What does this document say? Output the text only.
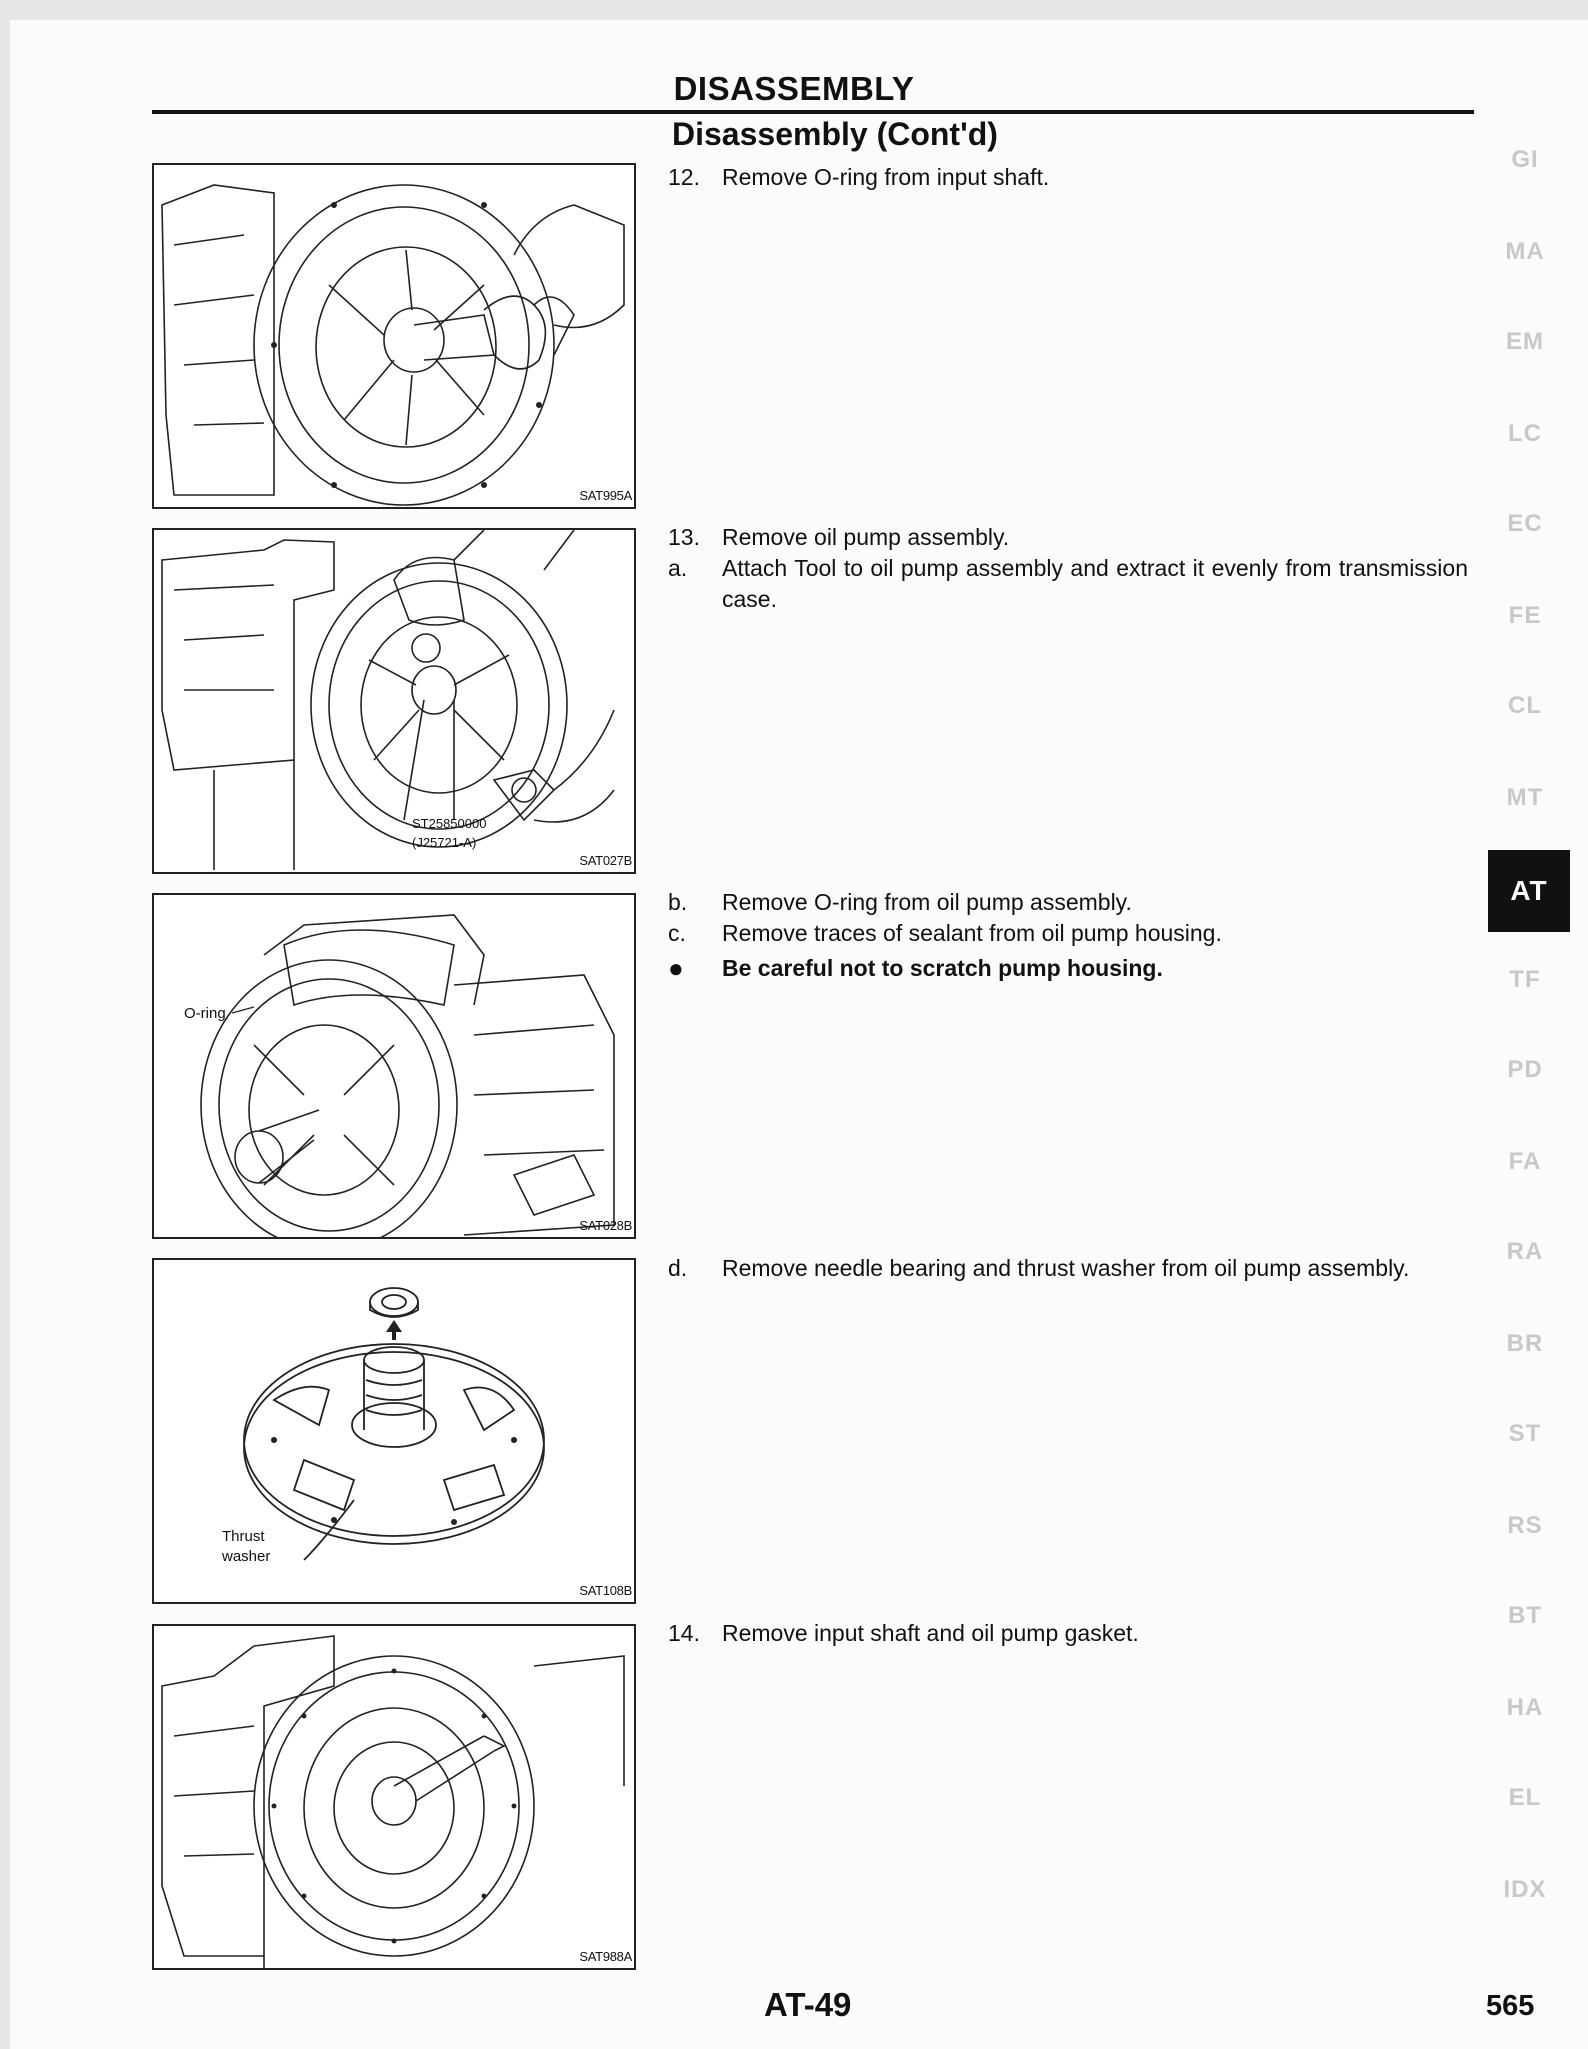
DISASSEMBLY
Disassembly (Cont'd)
SAT995A
ST25850000
(J25721-A)
SAT027B
O-ring
SAT028B
Thrust
washer
SAT108B
SAT988A
12. Remove O-ring from input shaft.
13. Remove oil pump assembly.
a. Attach Tool to oil pump assembly and extract it evenly from transmission case.
b. Remove O-ring from oil pump assembly.
c. Remove traces of sealant from oil pump housing.
● Be careful not to scratch pump housing.
d. Remove needle bearing and thrust washer from oil pump assembly.
14. Remove input shaft and oil pump gasket.
GI
MA
EM
LC
EC
FE
CL
MT
AT
TF
PD
FA
RA
BR
ST
RS
BT
HA
EL
IDX
AT-49	565
